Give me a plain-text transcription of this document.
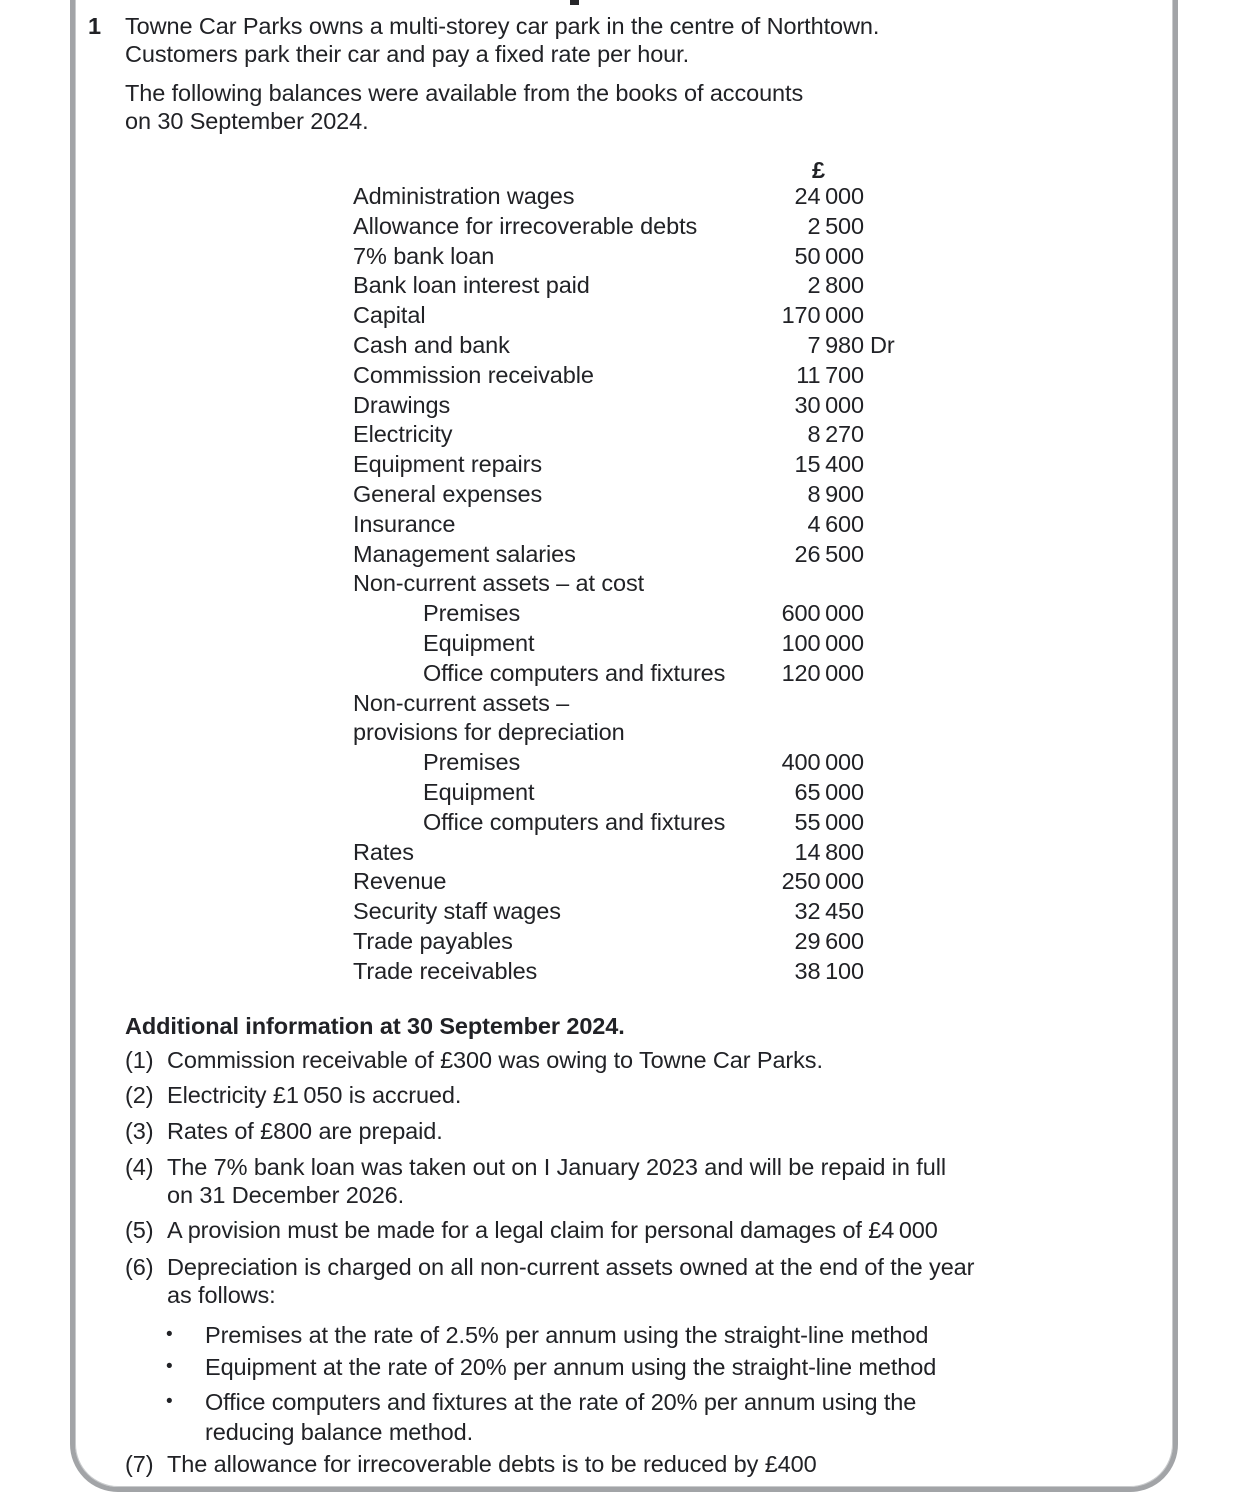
1 Towne Car Parks owns a multi-storey car park in the centre of Northtown.
Customers park their car and pay a fixed rate per hour.
The following balances were available from the books of accounts
on 30 September 2024.
£
Administration wages	24 000
Allowance for irrecoverable debts	2 500
7% bank loan	50 000
Bank loan interest paid	2 800
Capital	170 000
Cash and bank	7 980 Dr
Commission receivable	11 700
Drawings	30 000
Electricity	8 270
Equipment repairs	15 400
General expenses	8 900
Insurance	4 600
Management salaries	26 500
Non-current assets – at cost
Premises	600 000
Equipment	100 000
Office computers and fixtures 120 000
Non-current assets –
provisions for depreciation
Premises	400 000
Equipment	65 000
Office computers and fixtures	55 000
Rates	14 800
Revenue	250 000
Security staff wages	32 450
Trade payables	29 600
Trade receivables	38 100
Additional information at 30 September 2024.
(1) Commission receivable of £300 was owing to Towne Car Parks.
(2) Electricity £1 050 is accrued.
(3) Rates of £800 are prepaid.
(4) The 7% bank loan was taken out on I January 2023 and will be repaid in full
on 31 December 2026.
(5) A provision must be made for a legal claim for personal damages of £4 000
(6) Depreciation is charged on all non-current assets owned at the end of the year
as follows:
•	Premises at the rate of 2.5% per annum using the straight-line method
•	Equipment at the rate of 20% per annum using the straight-line method
•	Office computers and fixtures at the rate of 20% per annum using the
reducing balance method.
(7) The allowance for irrecoverable debts is to be reduced by £400
